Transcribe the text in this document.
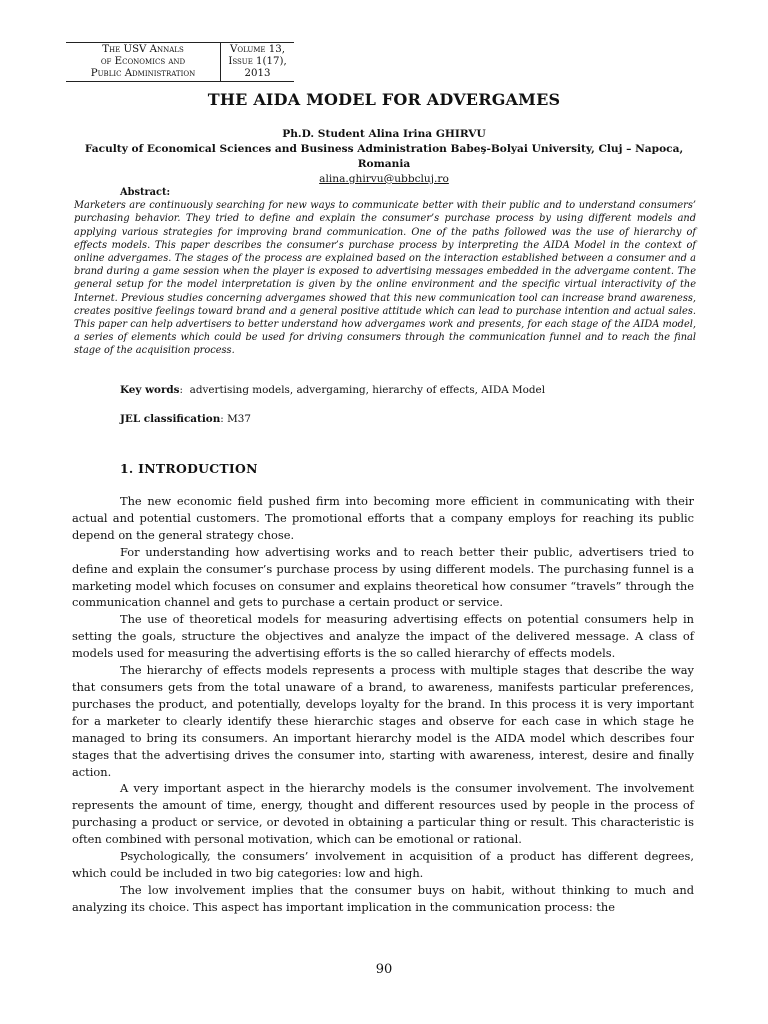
The USV Annals
of Economics and
Public Administration
Volume 13,
Issue 1(17),
2013
THE AIDA MODEL FOR ADVERGAMES
Ph.D. Student Alina Irina GHIRVU
Faculty of Economical Sciences and Business Administration Babeş-Bolyai University, Cluj – Napoca, Romania
alina.ghirvu@ubbcluj.ro
Abstract:

Marketers are continuously searching for new ways to communicate better with their public and to understand consumers’ purchasing behavior. They tried to define and explain the consumer’s purchase process by using different models and applying various strategies for improving brand communication. One of the paths followed was the use of hierarchy of effects models. This paper describes the consumer’s purchase process by interpreting the AIDA Model in the context of online advergames. The stages of the process are explained based on the interaction established between a consumer and a brand during a game session when the player is exposed to advertising messages embedded in the advergame content. The general setup for the model interpretation is given by the online environment and the specific virtual interactivity of the Internet. Previous studies concerning advergames showed that this new communication tool can increase brand awareness, creates positive feelings toward brand and a general positive attitude which can lead to purchase intention and actual sales. This paper can help advertisers to better understand how advergames work and presents, for each stage of the AIDA model, a series of elements which could be used for driving consumers through the communication funnel and to reach the final stage of the acquisition process.

Key words:  advertising models, advergaming, hierarchy of effects, AIDA Model
JEL classification: M37
1. INTRODUCTION

The new economic field pushed firm into becoming more efficient in communicating with their actual and potential customers. The promotional efforts that a company employs for reaching its public depend on the general strategy chose.

For understanding how advertising works and to reach better their public, advertisers tried to define and explain the consumer’s purchase process by using different models. The purchasing funnel is a marketing model which focuses on consumer and explains theoretical how consumer “travels” through the communication channel and gets to purchase a certain product or service.

The use of theoretical models for measuring advertising effects on potential consumers help in setting the goals, structure the objectives and analyze the impact of the delivered message. A class of models used for measuring the advertising efforts is the so called hierarchy of effects models.

The hierarchy of effects models represents a process with multiple stages that describe the way that consumers gets from the total unaware of a brand, to awareness, manifests particular preferences, purchases the product, and potentially, develops loyalty for the brand. In this process it is very important for a marketer to clearly identify these hierarchic stages and observe for each case in which stage he managed to bring its consumers. An important hierarchy model is the AIDA model which describes four stages that the advertising drives the consumer into, starting with awareness, interest, desire and finally action.

A very important aspect in the hierarchy models is the consumer involvement. The involvement represents the amount of time, energy, thought and different resources used by people in the process of purchasing a product or service, or devoted in obtaining a particular thing or result. This characteristic is often combined with personal motivation, which can be emotional or rational.

Psychologically, the consumers’ involvement in acquisition of a product has different degrees, which could be included in two big categories: low and high.

The low involvement implies that the consumer buys on habit, without thinking to much and analyzing its choice. This aspect has important implication in the communication process: the

90
